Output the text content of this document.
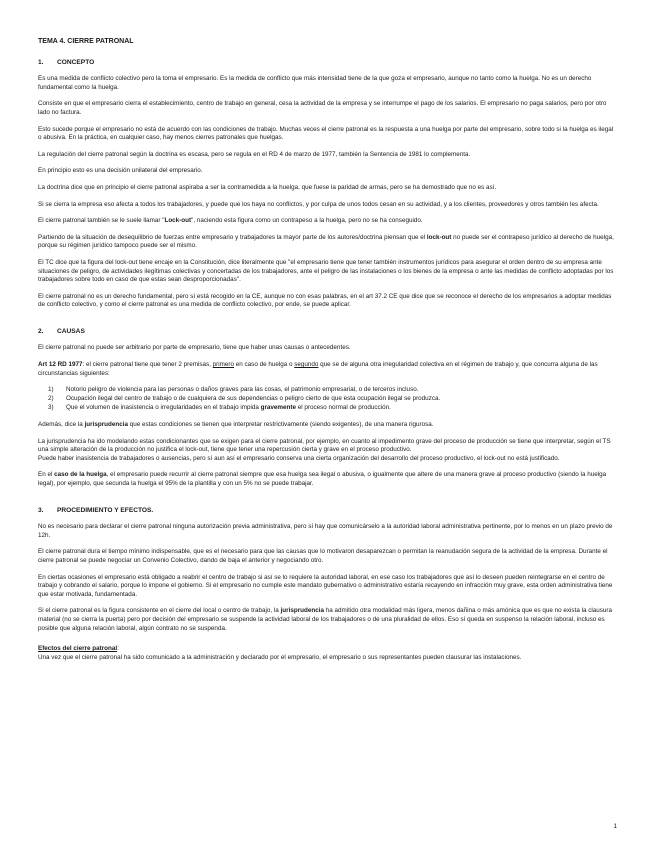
TEMA 4. CIERRE PATRONAL
1.	CONCEPTO

Es una medida de conflicto colectivo pero la toma el empresario. Es la medida de conflicto que más intensidad tiene de la que goza el empresario, aunque no tanto como la huelga. No es un derecho fundamental como la huelga.

Consiste en que el empresario cierra el establecimiento, centro de trabajo en general, cesa la actividad de la empresa y se interrumpe el pago de los salarios. El empresario no paga salarios, pero por otro lado no factura.

Esto sucede porque el empresario no está de acuerdo con las condiciones de trabajo. Muchas veces el cierre patronal es la respuesta a una huelga por parte del empresario, sobre todo si la huelga es ilegal o abusiva. En la práctica, en cualquier caso, hay menos cierres patronales que huelgas.

La regulación del cierre patronal según la doctrina es escasa, pero se regula en el RD 4 de marzo de 1977, también la Sentencia de 1981 lo complementa.

En principio esto es una decisión unilateral del empresario.

La doctrina dice que en principio el cierre patronal aspiraba a ser la contramedida a la huelga, que fuese la paridad de armas, pero se ha demostrado que no es así.

Si se cierra la empresa eso afecta a todos los trabajadores, y puede que los haya no conflictos, y por culpa de unos todos cesan en su actividad, y a los clientes, proveedores y otros también les afecta.

El cierre patronal también se le suele llamar "Lock-out", naciendo esta figura como un contrapeso a la huelga, pero no se ha conseguido.

Partiendo de la situación de desequilibrio de fuerzas entre empresario y trabajadores la mayor parte de los autores/doctrina piensan que el lock-out no puede ser el contrapeso jurídico al derecho de huelga, porque su régimen jurídico tampoco puede ser el mismo.

El TC dice que la figura del lock-out tiene encaje en la Constitución, dice literalmente que "el empresario tiene que tener también instrumentos jurídicos para asegurar el orden dentro de su empresa ante situaciones de peligro, de actividades ilegítimas colectivas y concertadas de los trabajadores, ante el peligro de las instalaciones o los bienes de la empresa o ante las medidas de conflicto adoptadas por los trabajadores sobre todo en caso de que estas sean desproporcionadas".

El cierre patronal no es un derecho fundamental, pero sí está recogido en la CE, aunque no con esas palabras, en el art 37.2 CE que dice que se reconoce el derecho de los empresarios a adoptar medidas de conflicto colectivo, y como el cierre patronal es una medida de conflicto colectivo, por ende, se puede aplicar.

2.	CAUSAS

El cierre patronal no puede ser arbitrario por parte de empresario, tiene que haber unas causas o antecedentes.

Art 12 RD 1977: el cierre patronal tiene que tener 2 premisas, primero en caso de huelga o segundo que se de alguna otra irregularidad colectiva en el régimen de trabajo y, que concurra alguna de las circunstancias siguientes:

1)	Notorio peligro de violencia para las personas o daños graves para las cosas, el patrimonio empresarial, o de terceros incluso.
2)	Ocupación ilegal del centro de trabajo o de cualquiera de sus dependencias o peligro cierto de que esta ocupación ilegal se produzca.
3)	Que el volumen de inasistencia o irregularidades en el trabajo impida gravemente el proceso normal de producción.

Además, dice la jurisprudencia que estas condiciones se tienen que interpretar restrictivamente (siendo exigentes), de una manera rigurosa.

La jurisprudencia ha ido modelando estas condicionantes que se exigen para el cierre patronal, por ejemplo, en cuanto al impedimento grave del proceso de producción se tiene que interpretar, según el TS una simple alteración de la producción no justifica el lock-out, tiene que tener una repercusión cierta y grave en el proceso productivo.
Puede haber inasistencia de trabajadores o ausencias, pero sí aun así el empresario conserva una cierta organización del desarrollo del proceso productivo, el lock-out no está justificado.

En el caso de la huelga, el empresario puede recurrir al cierre patronal siempre que esa huelga sea ilegal o abusiva, o igualmente que altere de una manera grave al proceso productivo (siendo la huelga legal), por ejemplo, que secunda la huelga el 95% de la plantilla y con un 5% no se puede trabajar.

3.	PROCEDIMIENTO Y EFECTOS.

No es necesario para declarar el cierre patronal ninguna autorización previa administrativa, pero sí hay que comunicárselo a la autoridad laboral administrativa pertinente, por lo menos en un plazo previo de 12h.

El cierre patronal dura el tiempo mínimo indispensable, que es el necesario para que las causas que lo motivaron desaparezcan o permitan la reanudación segura de la actividad de la empresa. Durante el cierre patronal se puede negociar un Convenio Colectivo, dando de baja el anterior y negociando otro.

En ciertas ocasiones el empresario está obligado a reabrir el centro de trabajo si así se lo requiere la autoridad laboral, en ese caso los trabajadores que así lo deseen pueden reintegrarse en el centro de trabajo y cobrando el salario, porque lo impone el gobierno. Si el empresario no cumple este mandato gubernativo o administrativo estaría recayendo en infracción muy grave, esta orden administrativa tiene que estar motivada, fundamentada.

Si el cierre patronal es la figura consistente en el cierre del local o centro de trabajo, la jurisprudencia ha admitido otra modalidad más ligera, menos dañina o más amónica que es que no exista la clausura material (no se cierra la puerta) pero por decisión del empresario se suspende la actividad laboral de los trabajadores o de una pluralidad de ellos. Eso sí queda en suspenso la relación laboral, incluso es posible que alguna relación laboral, algún contrato no se suspenda.

Efectos del cierre patronal:
Una vez que el cierre patronal ha sido comunicado a la administración y declarado por el empresario, el empresario o sus representantes pueden clausurar las instalaciones.

1
